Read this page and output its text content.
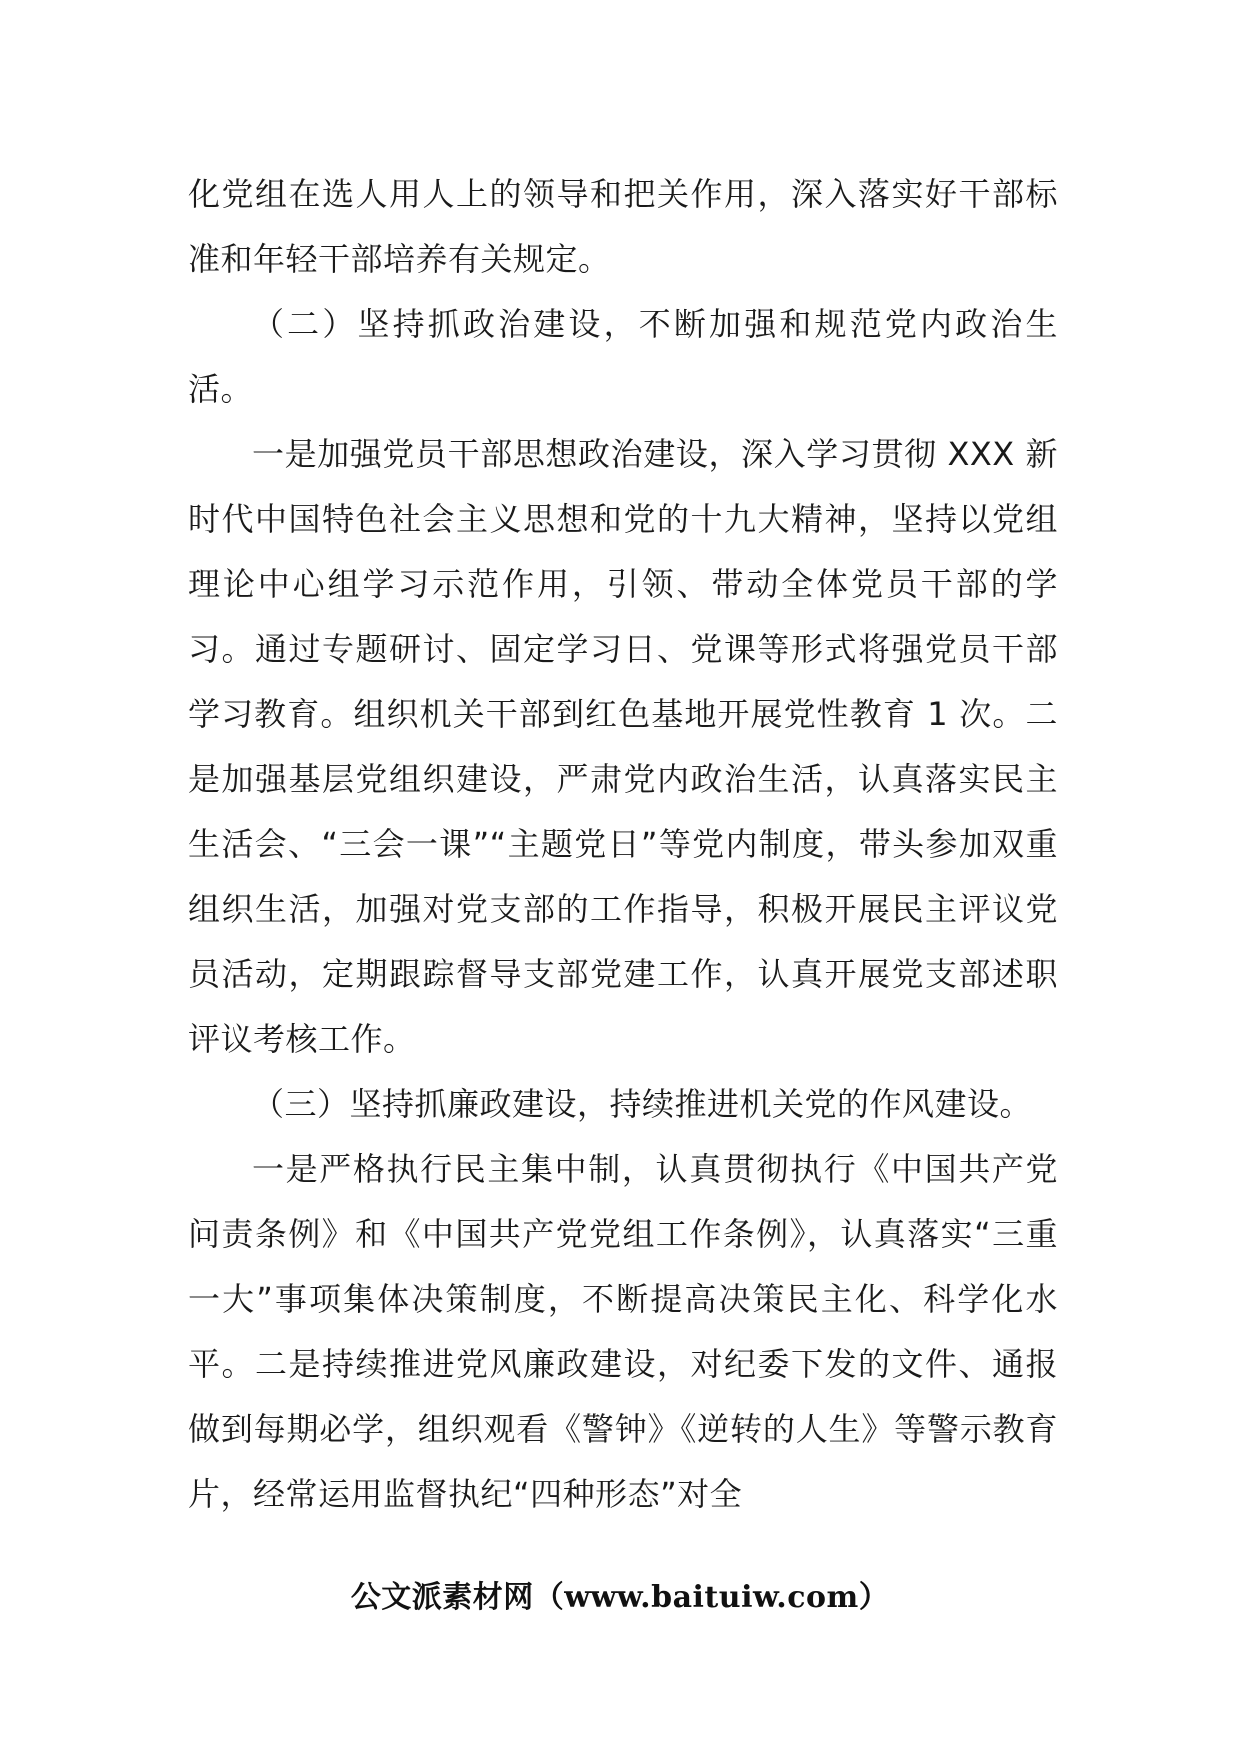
化党组在选人用人上的领导和把关作用，深入落实好干部标准和年轻干部培养有关规定。

（二）坚持抓政治建设，不断加强和规范党内政治生活。

一是加强党员干部思想政治建设，深入学习贯彻 XXX 新时代中国特色社会主义思想和党的十九大精神，坚持以党组理论中心组学习示范作用，引领、带动全体党员干部的学习。通过专题研讨、固定学习日、党课等形式将强党员干部学习教育。组织机关干部到红色基地开展党性教育 1 次。二是加强基层党组织建设，严肃党内政治生活，认真落实民主生活会、“三会一课”“主题党日”等党内制度，带头参加双重组织生活，加强对党支部的工作指导，积极开展民主评议党员活动，定期跟踪督导支部党建工作，认真开展党支部述职评议考核工作。

（三）坚持抓廉政建设，持续推进机关党的作风建设。

一是严格执行民主集中制，认真贯彻执行《中国共产党问责条例》和《中国共产党党组工作条例》，认真落实“三重一大”事项集体决策制度，不断提高决策民主化、科学化水平。二是持续推进党风廉政建设，对纪委下发的文件、通报做到每期必学，组织观看《警钟》《逆转的人生》等警示教育片，经常运用监督执纪“四种形态”对全

公文派素材网（www.baituiw.com）
